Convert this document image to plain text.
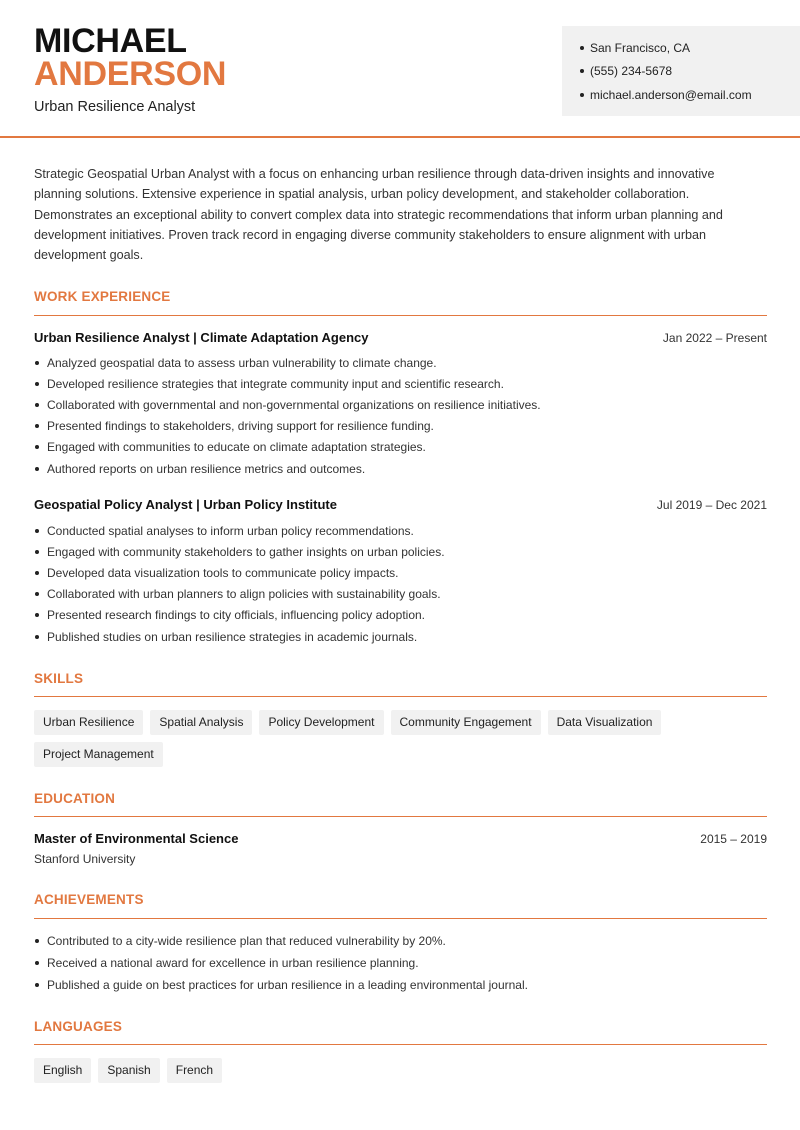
MICHAEL
ANDERSON
Urban Resilience Analyst
San Francisco, CA
(555) 234-5678
michael.anderson@email.com

Strategic Geospatial Urban Analyst with a focus on enhancing urban resilience through data-driven insights and innovative planning solutions. Extensive experience in spatial analysis, urban policy development, and stakeholder collaboration. Demonstrates an exceptional ability to convert complex data into strategic recommendations that inform urban planning and development initiatives. Proven track record in engaging diverse community stakeholders to ensure alignment with urban development goals.

WORK EXPERIENCE
Urban Resilience Analyst | Climate Adaptation Agency	Jan 2022 – Present
Analyzed geospatial data to assess urban vulnerability to climate change.
Developed resilience strategies that integrate community input and scientific research.
Collaborated with governmental and non-governmental organizations on resilience initiatives.
Presented findings to stakeholders, driving support for resilience funding.
Engaged with communities to educate on climate adaptation strategies.
Authored reports on urban resilience metrics and outcomes.
Geospatial Policy Analyst | Urban Policy Institute	Jul 2019 – Dec 2021
Conducted spatial analyses to inform urban policy recommendations.
Engaged with community stakeholders to gather insights on urban policies.
Developed data visualization tools to communicate policy impacts.
Collaborated with urban planners to align policies with sustainability goals.
Presented research findings to city officials, influencing policy adoption.
Published studies on urban resilience strategies in academic journals.
SKILLS
Urban Resilience	Spatial Analysis	Policy Development	Community Engagement	Data Visualization
Project Management
EDUCATION
Master of Environmental Science	2015 – 2019
Stanford University
ACHIEVEMENTS
Contributed to a city-wide resilience plan that reduced vulnerability by 20%.
Received a national award for excellence in urban resilience planning.
Published a guide on best practices for urban resilience in a leading environmental journal.
LANGUAGES
English	Spanish	French
